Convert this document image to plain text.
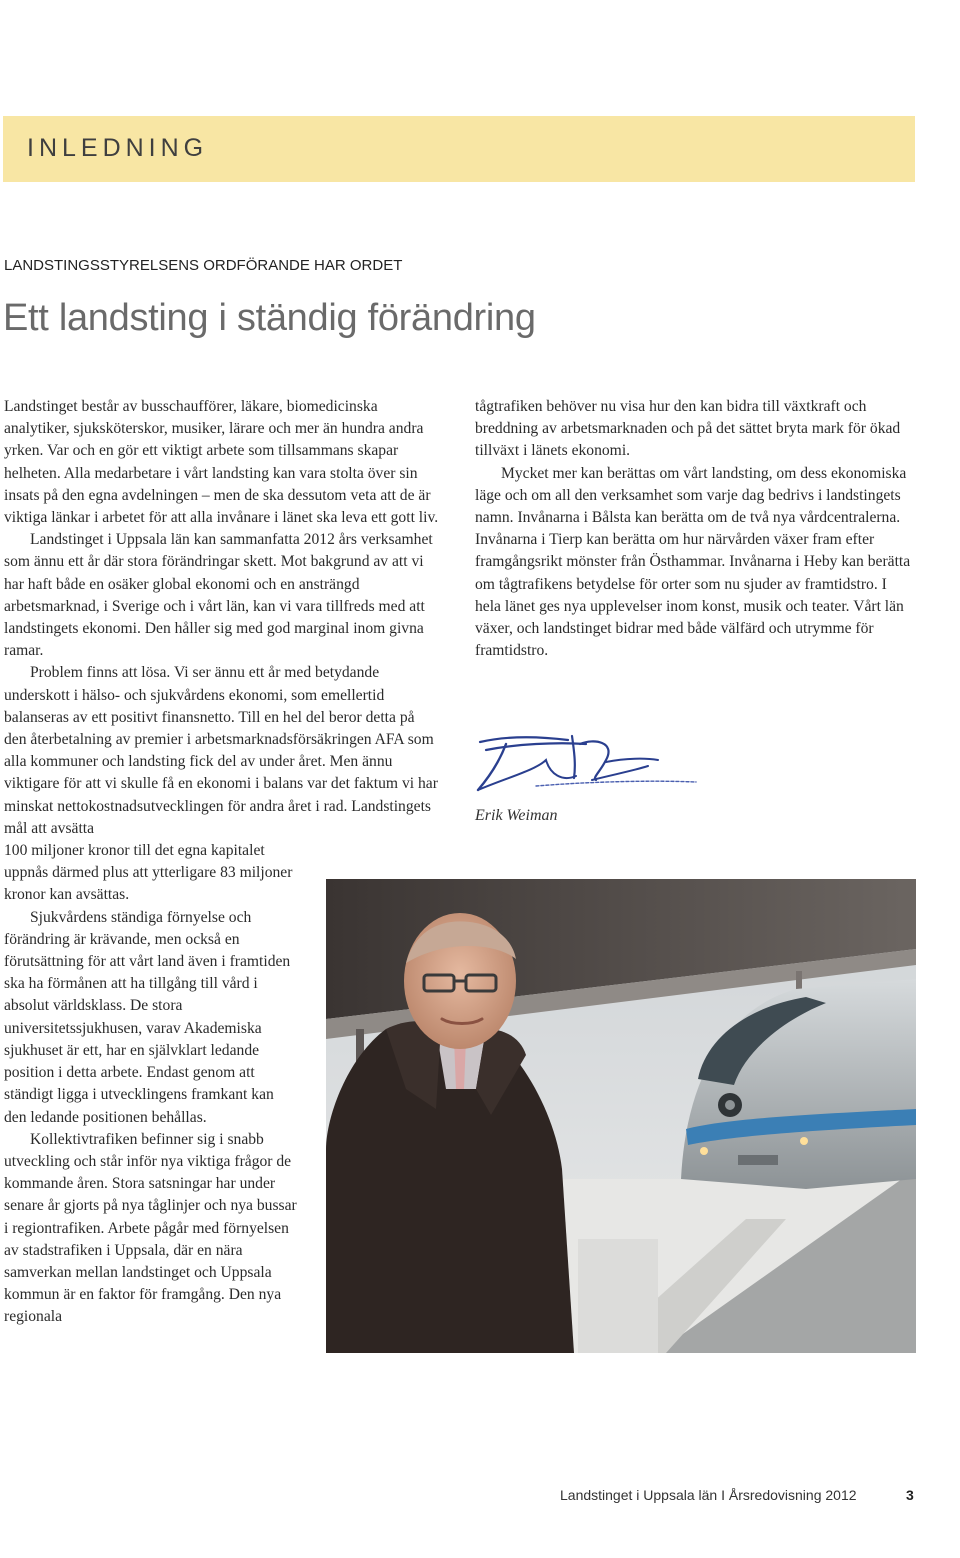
INLEDNING
LANDSTINGSSTYRELSENS ORDFÖRANDE HAR ORDET
Ett landsting i ständig förändring

Landstinget består av busschaufförer, läkare, biomedicinska analytiker, sjuksköterskor, musiker, lärare och mer än hundra andra yrken. Var och en gör ett viktigt arbete som tillsammans skapar helheten. Alla medarbetare i vårt landsting kan vara stolta över sin insats på den egna avdelningen – men de ska dessutom veta att de är viktiga länkar i arbetet för att alla invånare i länet ska leva ett gott liv.

Landstinget i Uppsala län kan sammanfatta 2012 års verksamhet som ännu ett år där stora förändringar skett. Mot bakgrund av att vi har haft både en osäker global ekonomi och en ansträngd arbetsmarknad, i Sverige och i vårt län, kan vi vara tillfreds med att landstingets ekonomi. Den håller sig med god marginal inom givna ramar.

Problem finns att lösa. Vi ser ännu ett år med betydande underskott i hälso- och sjukvårdens ekonomi, som emellertid balanseras av ett positivt finansnetto. Till en hel del beror detta på den återbetalning av premier i arbetsmarknadsförsäkringen AFA som alla kommuner och landsting fick del av under året. Men ännu viktigare för att vi skulle få en ekonomi i balans var det faktum vi har minskat nettokostnadsutvecklingen för andra året i rad. Landstingets mål att avsätta

100 miljoner kronor till det egna kapitalet uppnås därmed plus att ytterligare 83 miljoner kronor kan avsättas.

Sjukvårdens ständiga förnyelse och förändring är krävande, men också en förutsättning för att vårt land även i framtiden ska ha förmånen att ha tillgång till vård i absolut världsklass. De stora universitetssjukhusen, varav Akademiska sjukhuset är ett, har en självklart ledande position i detta arbete. Endast genom att ständigt ligga i utvecklingens framkant kan den ledande positionen behållas.

Kollektivtrafiken befinner sig i snabb utveckling och står inför nya viktiga frågor de kommande åren. Stora satsningar har under senare år gjorts på nya tåglinjer och nya bussar i regiontrafiken. Arbete pågår med förnyelsen av stadstrafiken i Uppsala, där en nära samverkan mellan landstinget och Uppsala kommun är en faktor för framgång. Den nya regionala

tågtrafiken behöver nu visa hur den kan bidra till växtkraft och breddning av arbetsmarknaden och på det sättet bryta mark för ökad tillväxt i länets ekonomi.

Mycket mer kan berättas om vårt landsting, om dess ekonomiska läge och om all den verksamhet som varje dag bedrivs i landstingets namn. Invånarna i Bålsta kan berätta om de två nya vårdcentralerna. Invånarna i Tierp kan berätta om hur närvården växer fram efter framgångsrikt mönster från Östhammar. Invånarna i Heby kan berätta om tågtrafikens betydelse för orter som nu sjuder av framtidstro. I hela länet ges nya upplevelser inom konst, musik och teater. Vårt län växer, och landstinget bidrar med både välfärd och utrymme för framtidstro.

Erik Weiman
Landstinget i Uppsala län I Årsredovisning 2012	3
